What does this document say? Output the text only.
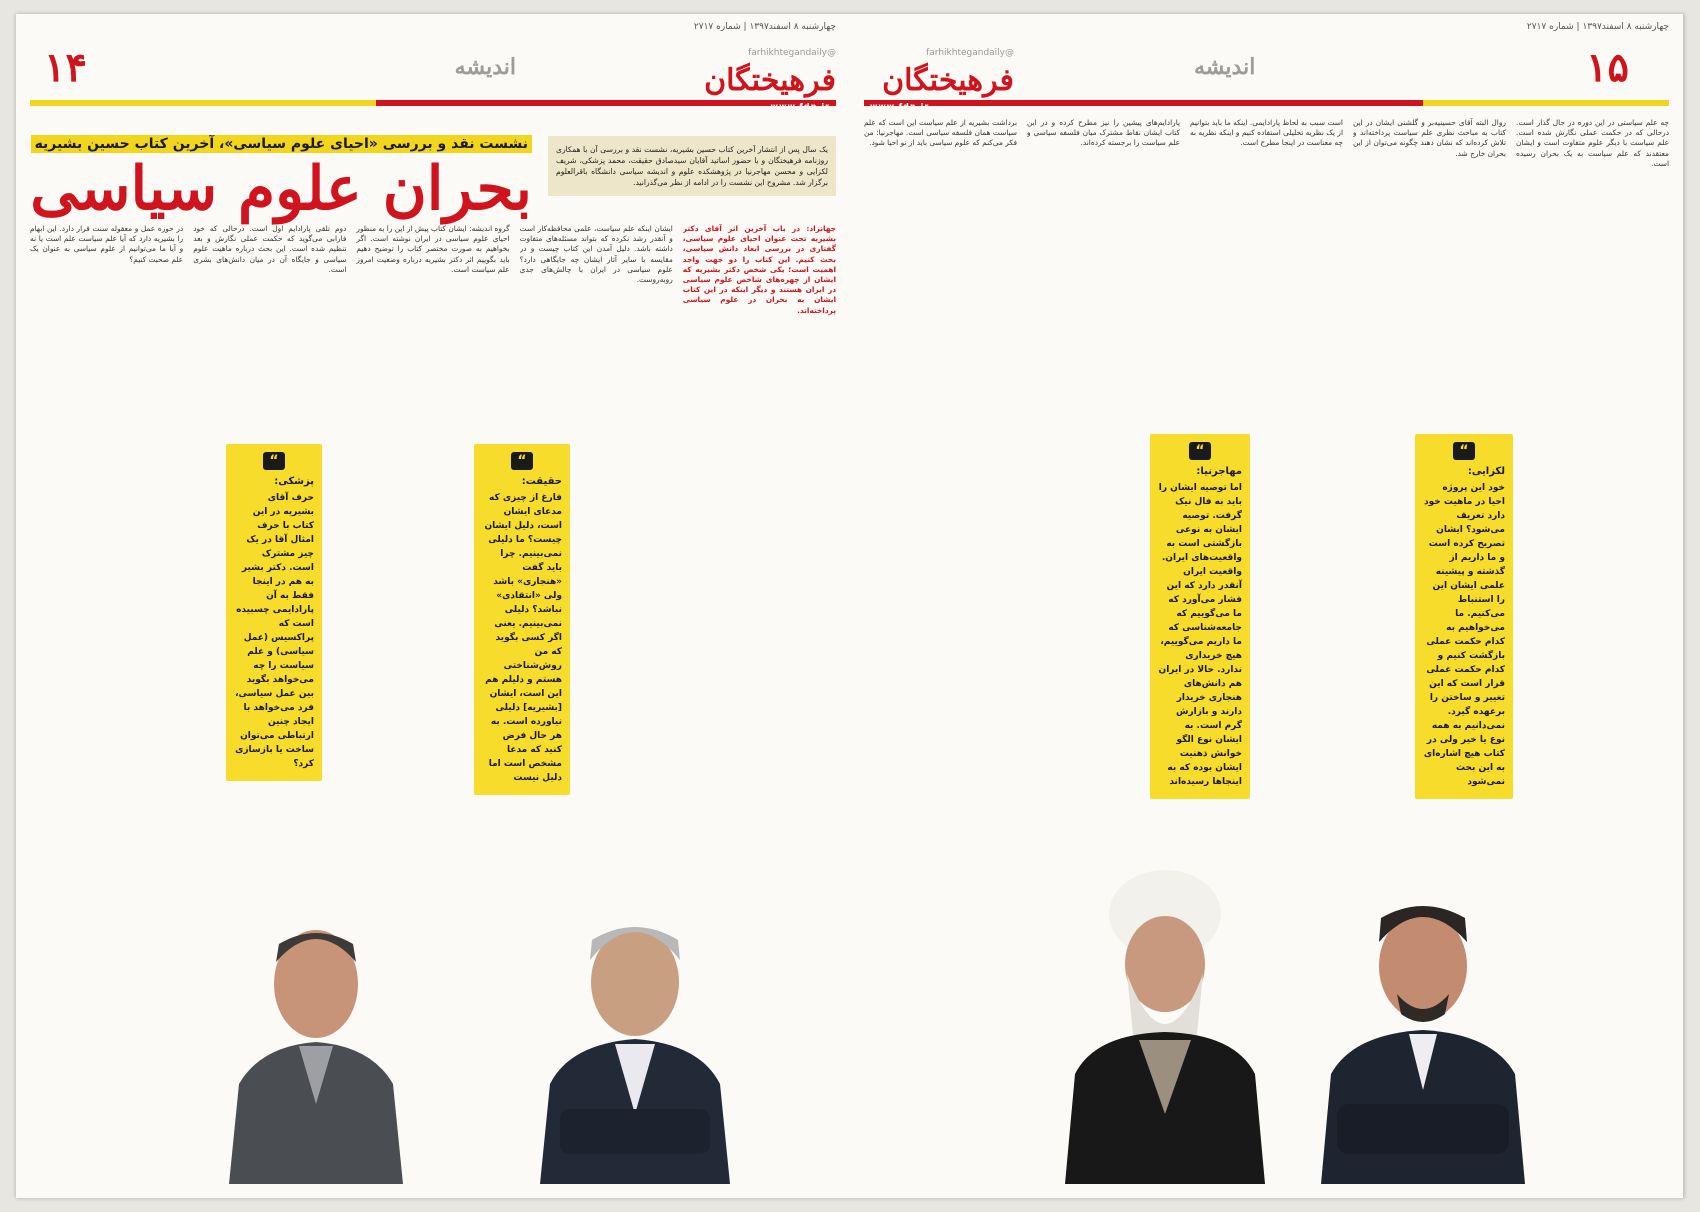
چهارشنبه ۸ اسفند۱۳۹۷ | شماره ۲۷۱۷
@farhikhtegandaily
فرهیختگان
اندیشه
۱۴
www.fdn.ir
یک سال پس از انتشار آخرین کتاب حسین بشیریه، نشست نقد و بررسی آن با همکاری روزنامه فرهیختگان و با حضور اساتید آقایان سیدصادق حقیقت، محمد پزشکی، شریف لکزایی و محسن مهاجرنیا در پژوهشکده علوم و اندیشه سیاسی دانشگاه باقرالعلوم برگزار شد. مشروح این نشست را در ادامه از نظر می‌گذرانید.
نشست نقد و بررسی «احیای علوم سیاسی»، آخرین کتاب حسین بشیریه
بحران علوم سیاسی

جهانزاد: در باب آخرین اثر آقای دکتر بشیریه تحت عنوان احیای علوم سیاسی، گفتاری در بررسی ابعاد دانش سیاسی، بحث کنیم. این کتاب را دو جهت واجد اهمیت است؛ یکی شخص دکتر بشیریه که ایشان از چهره‌های شاخص علوم سیاسی در ایران هستند و دیگر اینکه در این کتاب ایشان به بحران در علوم سیاسی پرداخته‌اند.

ایشان اینکه علم سیاست، علمی محافظه‌کار است و آنقدر رشد نکرده که بتواند مسئله‌های متفاوت داشته باشد. دلیل آمدن این کتاب چیست و در مقایسه با سایر آثار ایشان چه جایگاهی دارد؟ علوم سیاسی در ایران با چالش‌های جدی روبه‌روست.

گروه اندیشه: ایشان کتاب پیش از این را به منظور احیای علوم سیاسی در ایران نوشته است. اگر بخواهیم به صورت مختصر کتاب را توضیح دهیم باید بگوییم اثر دکتر بشیریه درباره وضعیت امروز علم سیاست است.

دوم تلقی پارادایم اول است. درحالی که خود فارابی می‌گوید که حکمت عملی نگارش و بعد تنظیم شده است. این بحث درباره ماهیت علوم سیاسی و جایگاه آن در میان دانش‌های بشری است.

در حوزه عمل و معقوله سنت قرار دارد. این ابهام را بشیریه دارد که آیا علم سیاست علم است یا نه و آیا ما می‌توانیم از علوم سیاسی به عنوان یک علم صحبت کنیم؟

“
حقیقت:
فارغ از چیزی که مدعای ایشان است، دلیل ایشان چیست؟ ما دلیلی نمی‌بینیم. چرا باید گفت «هنجاری» باشد ولی «انتقادی» نباشد؟ دلیلی نمی‌بینیم. یعنی اگر کسی بگوید که من روش‌شناختی هستم و دلیلم هم این است، ایشان [بشیریه] دلیلی نیاورده است. به هر حال فرض کنید که مدعا مشخص است اما دلیل نیست
“
پزشکی:
حرف آقای بشیریه در این کتاب با حرف امثال آقا در یک چیز مشترک است. دکتر بشیر به هم در اینجا فقط به آن پارادایمی چسبیده است که پراکسیس (عمل سیاسی) و علم سیاست را چه می‌خواهد بگوید بین عمل سیاسی، فرد می‌خواهد با ایجاد چنین ارتباطی می‌توان ساخت یا بازسازی کرد؟
چهارشنبه ۸ اسفند۱۳۹۷ | شماره ۲۷۱۷
@farhikhtegandaily
فرهیختگان	اندیشه	۱۵
www.fdn.ir

چه علم سیاستی در این دوره در حال گذار است. درحالی که در حکمت عملی نگارش شده است. علم سیاست با دیگر علوم متفاوت است و ایشان معتقدند که علم سیاست به یک بحران رسیده است.

روال البته آقای حسینیه‌بر و گلشنی ایشان در این کتاب به مباحث نظری علم سیاست پرداخته‌اند و تلاش کرده‌اند که نشان دهند چگونه می‌توان از این بحران خارج شد.

است سبب به لحاظ پارادایمی. اینکه ما باید بتوانیم از یک نظریه تحلیلی استفاده کنیم و اینکه نظریه به چه معناست در اینجا مطرح است.

پارادایم‌های پیشین را نیز مطرح کرده و در این کتاب ایشان نقاط مشترک میان فلسفه سیاسی و علم سیاست را برجسته کرده‌اند.

برداشت بشیریه از علم سیاست این است که علم سیاست همان فلسفه سیاسی است. مهاجرنیا: من فکر می‌کنم که علوم سیاسی باید از نو احیا شود.

“
لکزایی:
خود این پروژه احیا در ماهیت خود دارد تعریف می‌شود؟ ایشان تصریح کرده است و ما داریم از گذشته و پیشینه علمی ایشان این را استنباط می‌کنیم. ما می‌خواهیم به کدام حکمت عملی بازگشت کنیم و کدام حکمت عملی قرار است که این تغییر و ساختن را برعهده گیرد. نمی‌دانیم به همه نوع یا خیر ولی در کتاب هیچ اشاره‌ای به این بحث نمی‌شود
“
مهاجرنیا:
اما توصیه ایشان را باید به فال نیک گرفت. توصیه ایشان به نوعی بازگشتی است به واقعیت‌های ایران. واقعیت ایران آنقدر دارد که این فشار می‌آورد که ما می‌گوییم که جامعه‌شناسی که ما داریم می‌گوییم، هیچ خریداری ندارد. حالا در ایران هم دانش‌های هنجاری خریدار دارند و بازارش گرم است. به ایشان نوع الگو خوانش ذهنیت ایشان بوده که به اینجاها رسیده‌اند
